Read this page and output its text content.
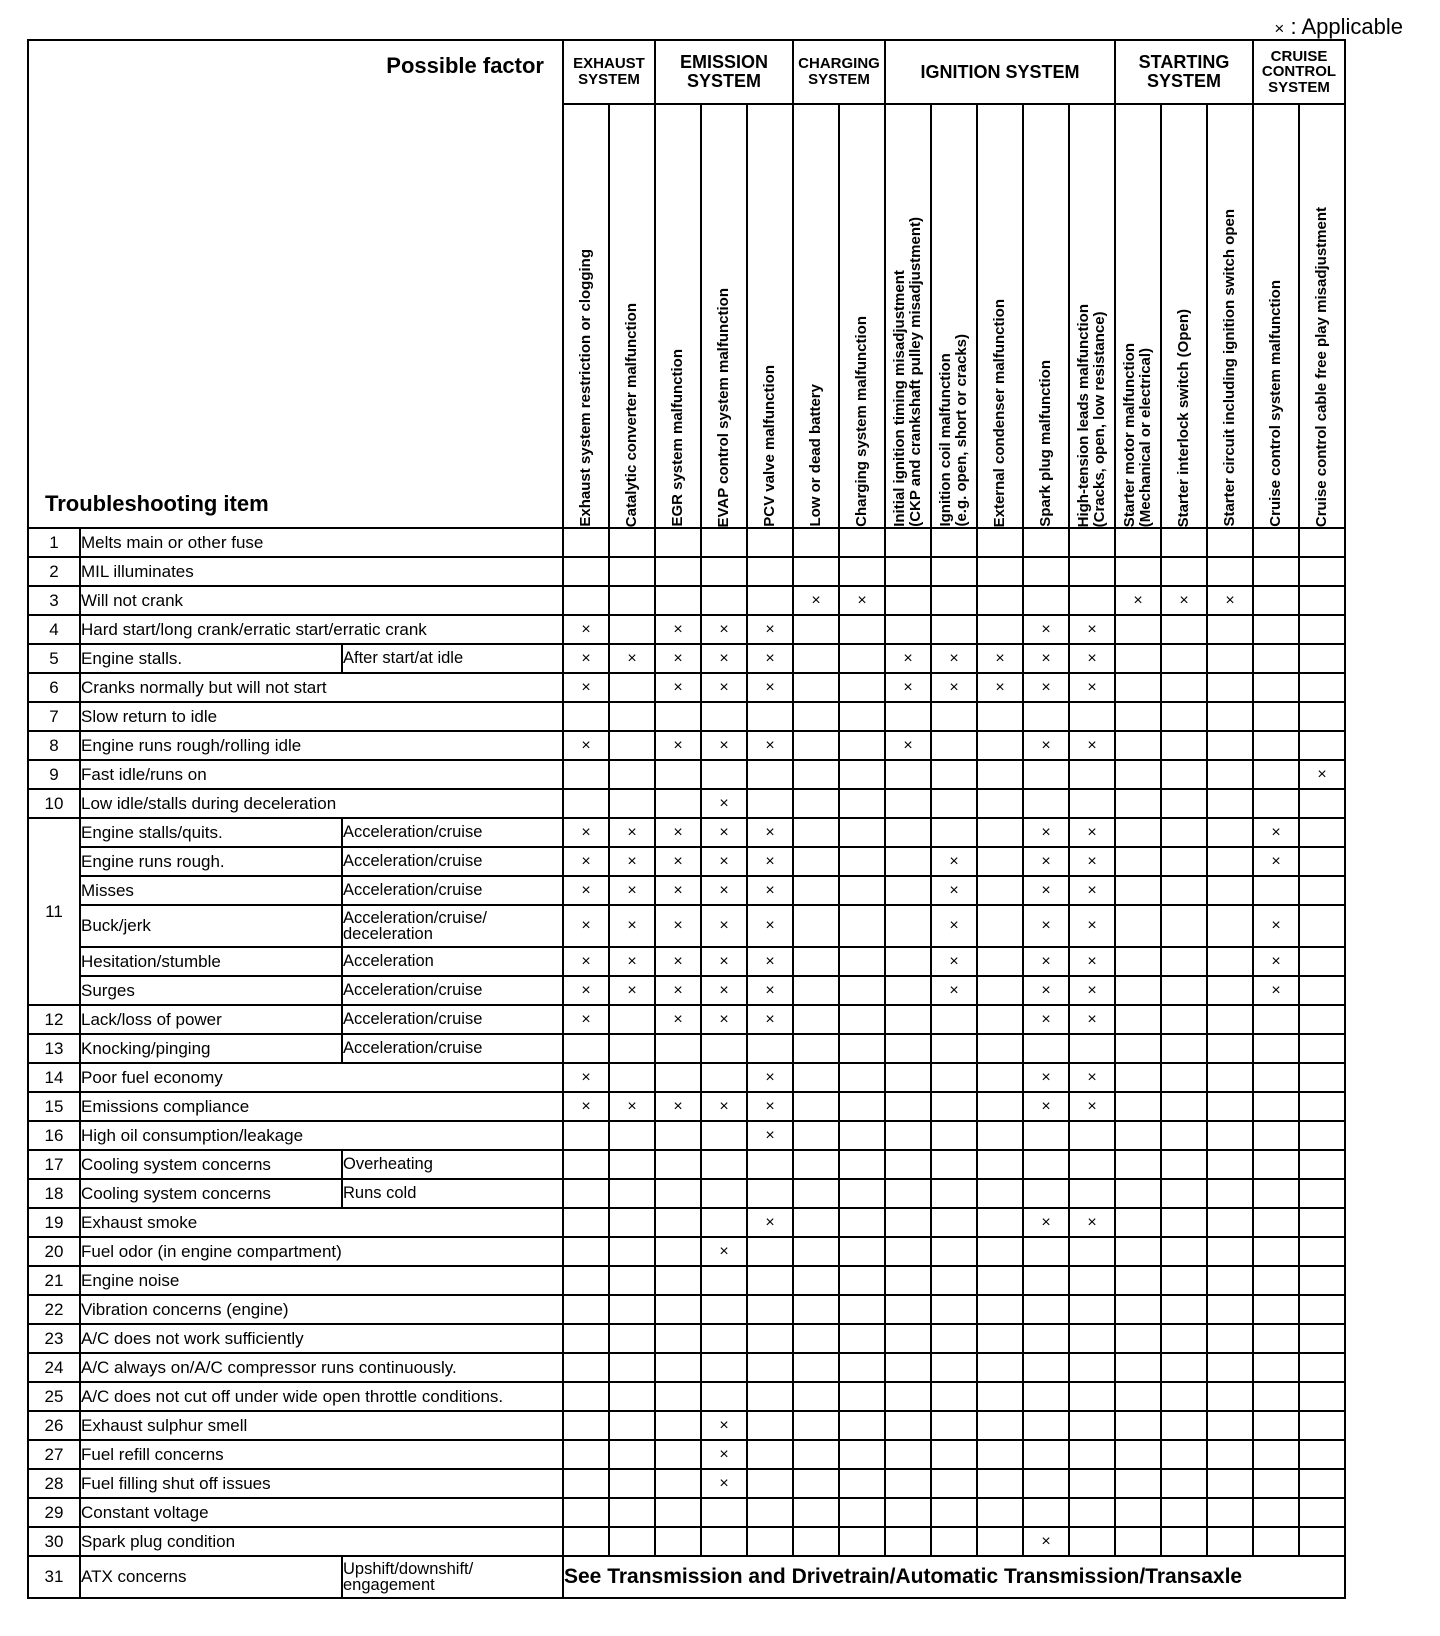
× : Applicable
Possible factor
Troubleshooting item			EXHAUST
SYSTEM		EMISSION
SYSTEM			CHARGING
SYSTEM		IGNITION SYSTEM					STARTING
SYSTEM			CRUISE
CONTROL
SYSTEM	

			Exhaust system restriction or clogging	Catalytic converter malfunction	EGR system malfunction	EVAP control system malfunction	PCV valve malfunction	Low or dead battery	Charging system malfunction	Initial ignition timing misadjustment
(CKP and crankshaft pulley misadjustment)	Ignition coil malfunction
(e.g. open, short or cracks)	External condenser malfunction	Spark plug malfunction	High-tension leads malfunction
(Cracks, open, low resistance)	Starter motor malfunction
(Mechanical or electrical)	Starter interlock switch (Open)	Starter circuit including ignition switch open	Cruise control system malfunction	Cruise control cable free play misadjustment

1	Melts main or other fuse																		
2	MIL illuminates																		
3	Will not crank							×	×						×	×	×		
4	Hard start/long crank/erratic start/erratic crank		×		×	×	×						×	×					
5	Engine stalls.	After start/at idle	×	×	×	×	×			×	×	×	×	×					
6	Cranks normally but will not start		×		×	×	×			×	×	×	×	×					
7	Slow return to idle																		
8	Engine runs rough/rolling idle		×		×	×	×			×			×	×					
9	Fast idle/runs on																		×
10	Low idle/stalls during deceleration					×													
11	Engine stalls/quits.	Acceleration/cruise	×	×	×	×	×						×	×				×	
	Engine runs rough.	Acceleration/cruise	×	×	×	×	×				×		×	×				×	
	Misses	Acceleration/cruise	×	×	×	×	×				×		×	×					
	Buck/jerk	Acceleration/cruise/
deceleration	×	×	×	×	×				×		×	×				×	
	Hesitation/stumble	Acceleration	×	×	×	×	×				×		×	×				×	
	Surges	Acceleration/cruise	×	×	×	×	×				×		×	×				×	
12	Lack/loss of power	Acceleration/cruise	×		×	×	×						×	×					
13	Knocking/pinging	Acceleration/cruise																	
14	Poor fuel economy		×				×						×	×					
15	Emissions compliance		×	×	×	×	×						×	×					
16	High oil consumption/leakage						×												
17	Cooling system concerns	Overheating																	
18	Cooling system concerns	Runs cold																	
19	Exhaust smoke						×						×	×					
20	Fuel odor (in engine compartment)					×													
21	Engine noise																		
22	Vibration concerns (engine)																		
23	A/C does not work sufficiently																		
24	A/C always on/A/C compressor runs continuously.																		
25	A/C does not cut off under wide open throttle conditions.																		
26	Exhaust sulphur smell					×													
27	Fuel refill concerns					×													
28	Fuel filling shut off issues					×													
29	Constant voltage																		
30	Spark plug condition												×						
31	ATX concerns	Upshift/downshift/
engagement	See Transmission and Drivetrain/Automatic Transmission/Transaxle																
